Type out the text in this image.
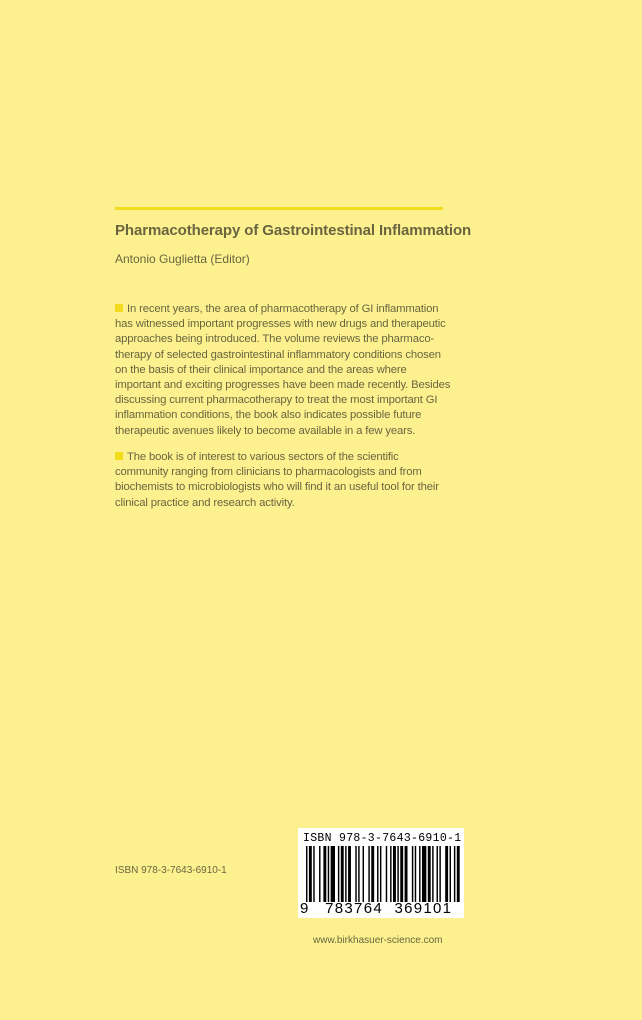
Pharmacotherapy of Gastrointestinal Inflammation
Antonio Guglietta (Editor)
In recent years, the area of pharmacotherapy of GI inflammation
has witnessed important progresses with new drugs and therapeutic
approaches being introduced. The volume reviews the pharmaco-
therapy of selected gastrointestinal inflammatory conditions chosen
on the basis of their clinical importance and the areas where
important and exciting progresses have been made recently. Besides
discussing current pharmacotherapy to treat the most important GI
inflammation conditions, the book also indicates possible future
therapeutic avenues likely to become available in a few years.
The book is of interest to various sectors of the scientific
community ranging from clinicians to pharmacologists and from
biochemists to microbiologists who will find it an useful tool for their
clinical practice and research activity.
ISBN 978-3-7643-6910-1
ISBN 978-3-7643-6910-1
9 783764 369101
www.birkhasuer-science.com
